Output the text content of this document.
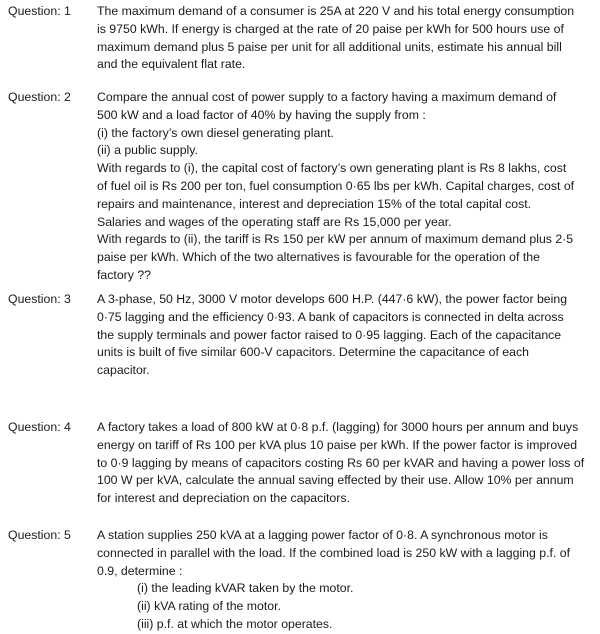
Question: 1 The maximum demand of a consumer is 25A at 220 V and his total energy consumption
is 9750 kWh. If energy is charged at the rate of 20 paise per kWh for 500 hours use of
maximum demand plus 5 paise per unit for all additional units, estimate his annual bill
and the equivalent flat rate.
Question: 2 Compare the annual cost of power supply to a factory having a maximum demand of
500 kW and a load factor of 40% by having the supply from :
(i) the factory’s own diesel generating plant.
(ii) a public supply.
With regards to (i), the capital cost of factory’s own generating plant is Rs 8 lakhs, cost
of fuel oil is Rs 200 per ton, fuel consumption 0·65 lbs per kWh. Capital charges, cost of
repairs and maintenance, interest and depreciation 15% of the total capital cost.
Salaries and wages of the operating staff are Rs 15,000 per year.
With regards to (ii), the tariff is Rs 150 per kW per annum of maximum demand plus 2·5
paise per kWh. Which of the two alternatives is favourable for the operation of the
factory ??
Question: 3 A 3-phase, 50 Hz, 3000 V motor develops 600 H.P. (447·6 kW), the power factor being
0·75 lagging and the efficiency 0·93. A bank of capacitors is connected in delta across
the supply terminals and power factor raised to 0·95 lagging. Each of the capacitance
units is built of five similar 600-V capacitors. Determine the capacitance of each
capacitor.
Question: 4 A factory takes a load of 800 kW at 0·8 p.f. (lagging) for 3000 hours per annum and buys
energy on tariff of Rs 100 per kVA plus 10 paise per kWh. If the power factor is improved
to 0·9 lagging by means of capacitors costing Rs 60 per kVAR and having a power loss of
100 W per kVA, calculate the annual saving effected by their use. Allow 10% per annum
for interest and depreciation on the capacitors.
Question: 5 A station supplies 250 kVA at a lagging power factor of 0·8. A synchronous motor is
connected in parallel with the load. If the combined load is 250 kW with a lagging p.f. of
0.9, determine :
(i) the leading kVAR taken by the motor.
(ii) kVA rating of the motor.
(iii) p.f. at which the motor operates.
